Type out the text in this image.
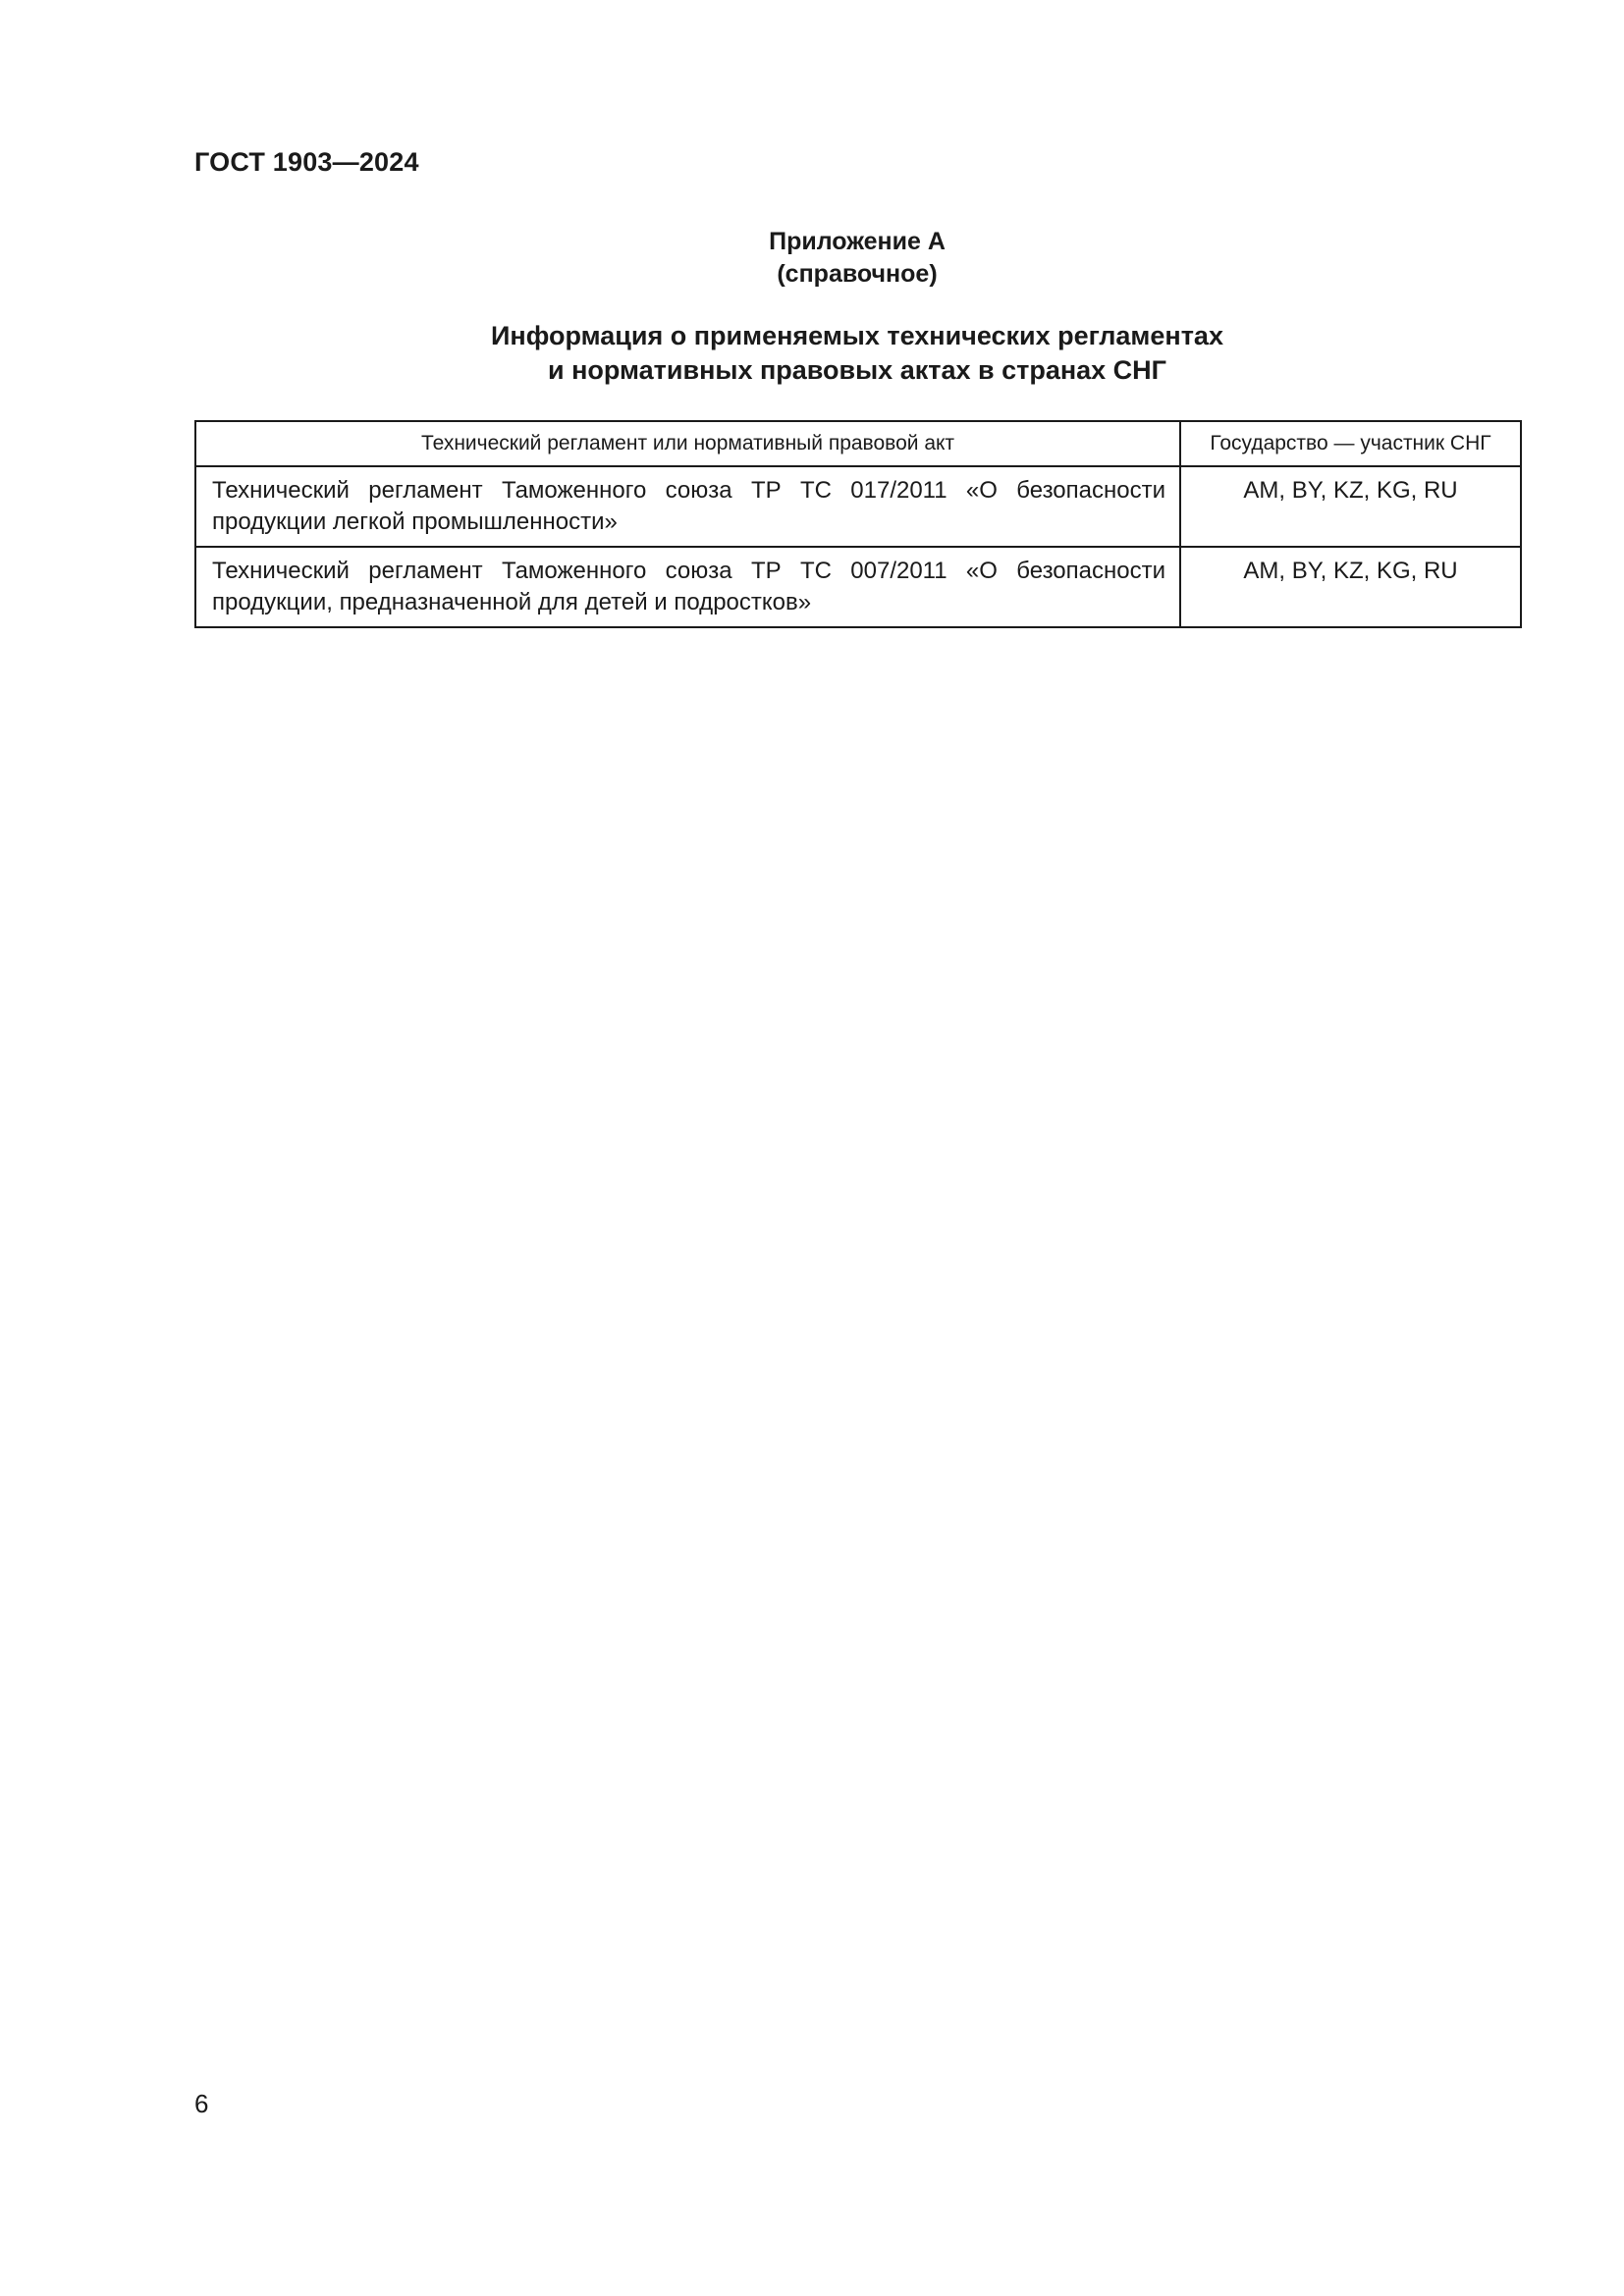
ГОСТ 1903—2024
Приложение А
(справочное)
Информация о применяемых технических регламентах
и нормативных правовых актах в странах СНГ
Технический регламент или нормативный правовой акт	Государство — участник СНГ
Технический регламент Таможенного союза ТР ТС 017/2011 «О безопасности продукции легкой промышленности»	AM, BY, KZ, KG, RU
Технический регламент Таможенного союза ТР ТС 007/2011 «О безопасности продукции, предназначенной для детей и подростков»	AM, BY, KZ, KG, RU
6
